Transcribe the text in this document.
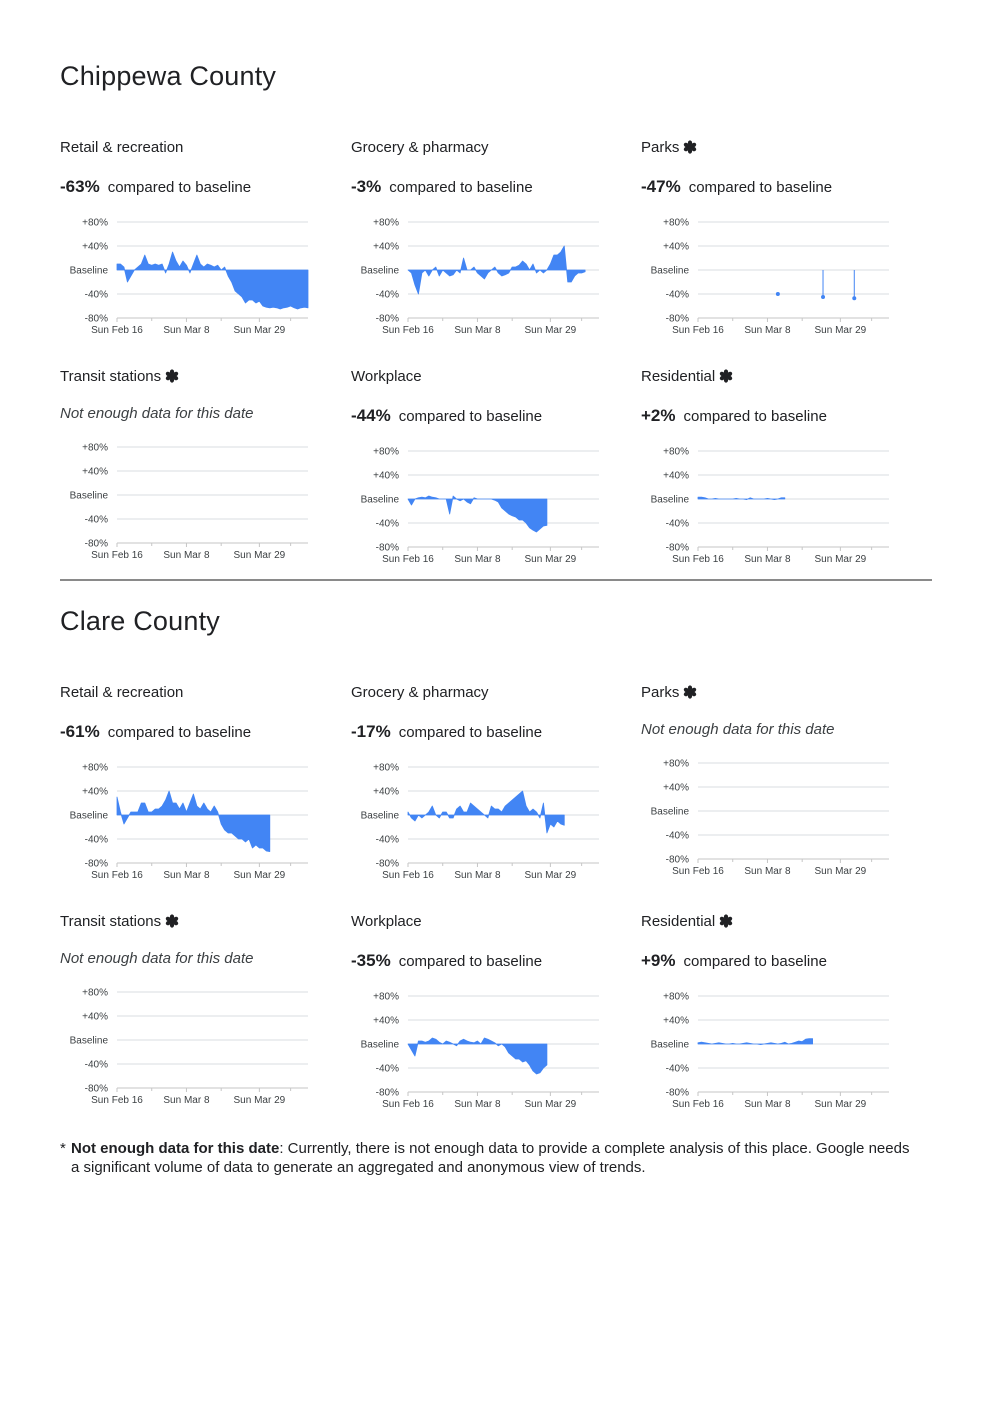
Chippewa County
Clare County
Retail & recreation
-63% compared to baseline
+80%
+40%
Baseline
-40%
-80%
Sun Feb 16 Sun Mar 8 Sun Mar 29
Grocery & pharmacy
-3% compared to baseline
+80%
+40%
Baseline
-40%
-80%
Sun Feb 16 Sun Mar 8 Sun Mar 29
Parks
-47% compared to baseline
+80%
+40%
Baseline
-40%
-80%
Sun Feb 16 Sun Mar 8 Sun Mar 29
Transit stations
Not enough data for this date
+80%
+40%
Baseline
-40%
-80%
Sun Feb 16 Sun Mar 8 Sun Mar 29
Workplace
-44% compared to baseline
+80%
+40%
Baseline
-40%
-80%
Sun Feb 16 Sun Mar 8 Sun Mar 29
Residential
+2% compared to baseline
+80%
+40%
Baseline
-40%
-80%
Sun Feb 16 Sun Mar 8 Sun Mar 29
Retail & recreation
-61% compared to baseline
+80%
+40%
Baseline
-40%
-80%
Sun Feb 16 Sun Mar 8 Sun Mar 29
Grocery & pharmacy
-17% compared to baseline
+80%
+40%
Baseline
-40%
-80%
Sun Feb 16 Sun Mar 8 Sun Mar 29
Parks
Not enough data for this date
+80%
+40%
Baseline
-40%
-80%
Sun Feb 16 Sun Mar 8 Sun Mar 29
Transit stations
Not enough data for this date
+80%
+40%
Baseline
-40%
-80%
Sun Feb 16 Sun Mar 8 Sun Mar 29
Workplace
-35% compared to baseline
+80%
+40%
Baseline
-40%
-80%
Sun Feb 16 Sun Mar 8 Sun Mar 29
Residential
+9% compared to baseline
+80%
+40%
Baseline
-40%
-80%
Sun Feb 16 Sun Mar 8 Sun Mar 29
* Not enough data for this date: Currently, there is not enough data to provide a complete analysis of this place. Google needs a significant volume of data to generate an aggregated and anonymous view of trends.
